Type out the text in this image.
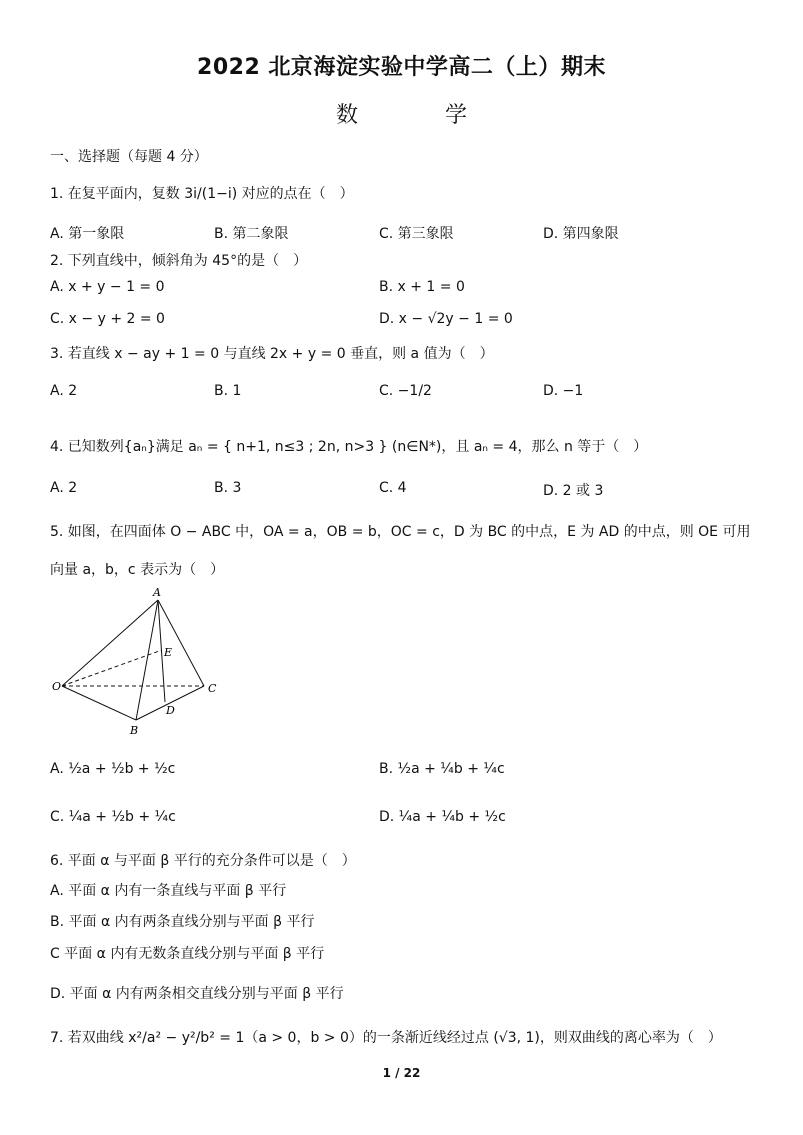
2022 北京海淀实验中学高二（上）期末
数 学
一、选择题（每题 4 分）
1. 在复平面内，复数 3i/(1−i) 对应的点在（　）
A. 第一象限	B. 第二象限	C. 第三象限	D. 第四象限
2. 下列直线中，倾斜角为 45°的是（　）
A. x + y − 1 = 0	B. x + 1 = 0
C. x − y + 2 = 0	D. x − √2y − 1 = 0
3. 若直线 x − ay + 1 = 0 与直线 2x + y = 0 垂直，则 a 值为（　）
A. 2	B. 1	C. −1/2	D. −1
4. 已知数列{aₙ}满足 aₙ = { n+1, n≤3 ; 2n, n>3 } (n∈N*)，且 aₙ = 4，那么 n 等于（　）
A. 2	B. 3	C. 4	D. 2 或 3
5. 如图，在四面体 O − ABC 中，OA = a，OB = b，OC = c，D 为 BC 的中点，E 为 AD 的中点，则 OE 可用向量 a，b，c 表示为（　）
A
B
C
D
E
O
A. ½a + ½b + ½c	B. ½a + ¼b + ¼c
C. ¼a + ½b + ¼c	D. ¼a + ¼b + ½c
6. 平面 α 与平面 β 平行的充分条件可以是（　）
A. 平面 α 内有一条直线与平面 β 平行
B. 平面 α 内有两条直线分别与平面 β 平行
C 平面 α 内有无数条直线分别与平面 β 平行
D. 平面 α 内有两条相交直线分别与平面 β 平行
7. 若双曲线 x²/a² − y²/b² = 1（a > 0，b > 0）的一条渐近线经过点 (√3, 1)，则双曲线的离心率为（　）
1 / 22
